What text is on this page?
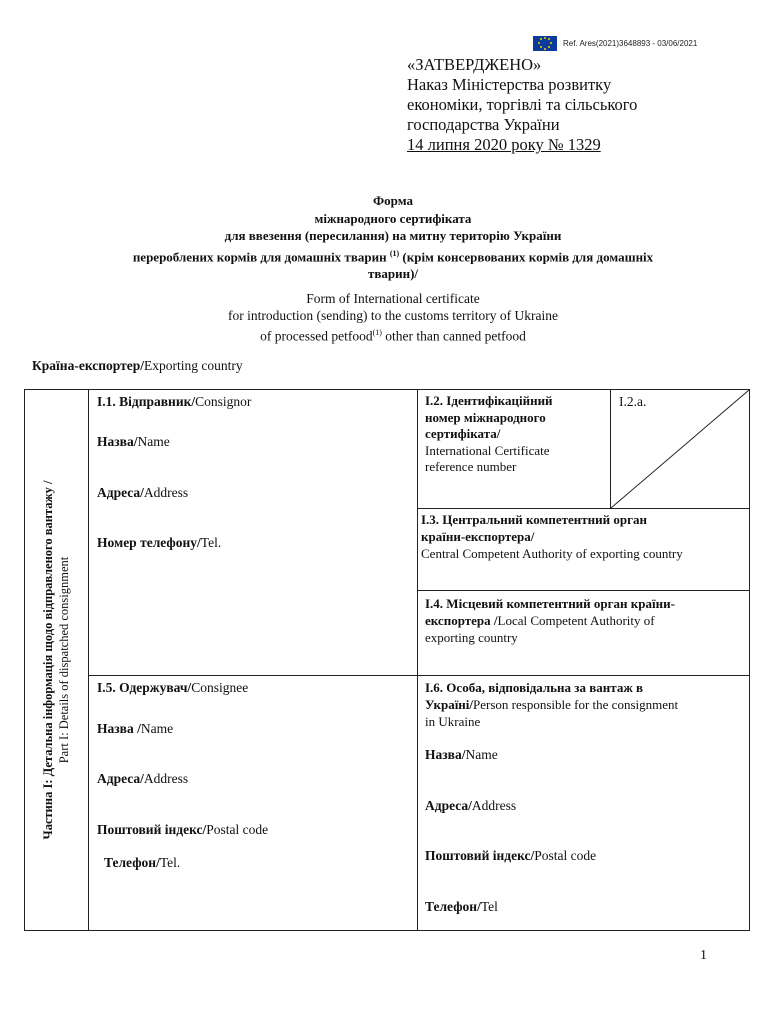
Ref. Ares(2021)3648893 - 03/06/2021
«ЗАТВЕРДЖЕНО»
Наказ Міністерства розвитку
економіки, торгівлі та сільського
господарства України
14 липня 2020 року № 1329
Форма
міжнародного сертифіката
для ввезення (пересилання) на митну територію України
перероблених кормів для домашніх тварин $^{(1)}$ (крім консервованих кормів для домашніх
тварин)/
Form of International certificate
for introduction (sending) to the customs territory of Ukraine
of processed petfood$^{(1)}$ other than canned petfood
Країна-експортер/Exporting country
Частина I: Детальна інформація щодо відправленого вантажу / Part I: Details of dispatched consignment
I.1. Відправник/Consignor
Назва/Name
Адреса/Address
Номер телефону/Tel.
I.2. Ідентифікаційний
номер міжнародного
сертифіката/
International Certificate
reference number
I.2.a.
I.3. Центральний компетентний орган
країни-експортера/
Central Competent Authority of exporting country
I.4. Місцевий компетентний орган країни-
експортера /Local Competent Authority of
exporting country
I.5. Одержувач/Consignee
Назва /Name
Адреса/Address
Поштовий індекс/Postal code
Телефон/Tel.
I.6. Особа, відповідальна за вантаж в
Україні/Person responsible for the consignment
in Ukraine
Назва/Name
Адреса/Address
Поштовий індекс/Postal code
Телефон/Tel
1
